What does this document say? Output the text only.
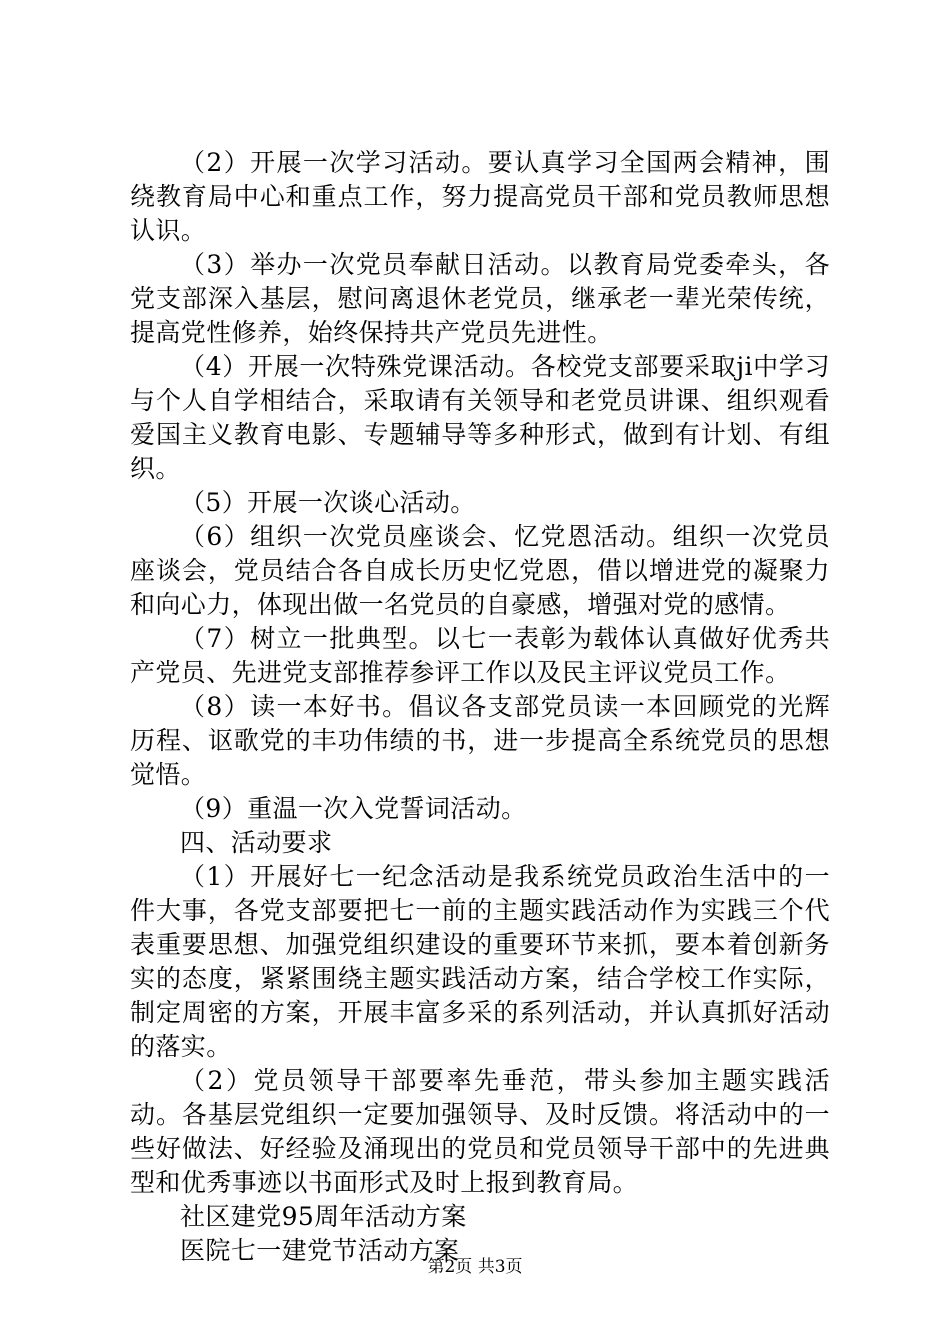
（2）开展一次学习活动。要认真学习全国两会精神，围绕教育局中心和重点工作，努力提高党员干部和党员教师思想认识。

（3）举办一次党员奉献日活动。以教育局党委牵头，各党支部深入基层，慰问离退休老党员，继承老一辈光荣传统，提高党性修养，始终保持共产党员先进性。

（4）开展一次特殊党课活动。各校党支部要采取ji中学习与个人自学相结合，采取请有关领导和老党员讲课、组织观看爱国主义教育电影、专题辅导等多种形式，做到有计划、有组织。

（5）开展一次谈心活动。

（6）组织一次党员座谈会、忆党恩活动。组织一次党员座谈会，党员结合各自成长历史忆党恩，借以增进党的凝聚力和向心力，体现出做一名党员的自豪感，增强对党的感情。

（7）树立一批典型。以七一表彰为载体认真做好优秀共产党员、先进党支部推荐参评工作以及民主评议党员工作。

（8）读一本好书。倡议各支部党员读一本回顾党的光辉历程、讴歌党的丰功伟绩的书，进一步提高全系统党员的思想觉悟。

（9）重温一次入党誓词活动。

四、活动要求

（1）开展好七一纪念活动是我系统党员政治生活中的一件大事，各党支部要把七一前的主题实践活动作为实践三个代表重要思想、加强党组织建设的重要环节来抓，要本着创新务实的态度，紧紧围绕主题实践活动方案，结合学校工作实际，制定周密的方案，开展丰富多采的系列活动，并认真抓好活动的落实。

（2）党员领导干部要率先垂范，带头参加主题实践活动。各基层党组织一定要加强领导、及时反馈。将活动中的一些好做法、好经验及涌现出的党员和党员领导干部中的先进典型和优秀事迹以书面形式及时上报到教育局。

社区建党95周年活动方案

医院七一建党节活动方案

第2页 共3页
